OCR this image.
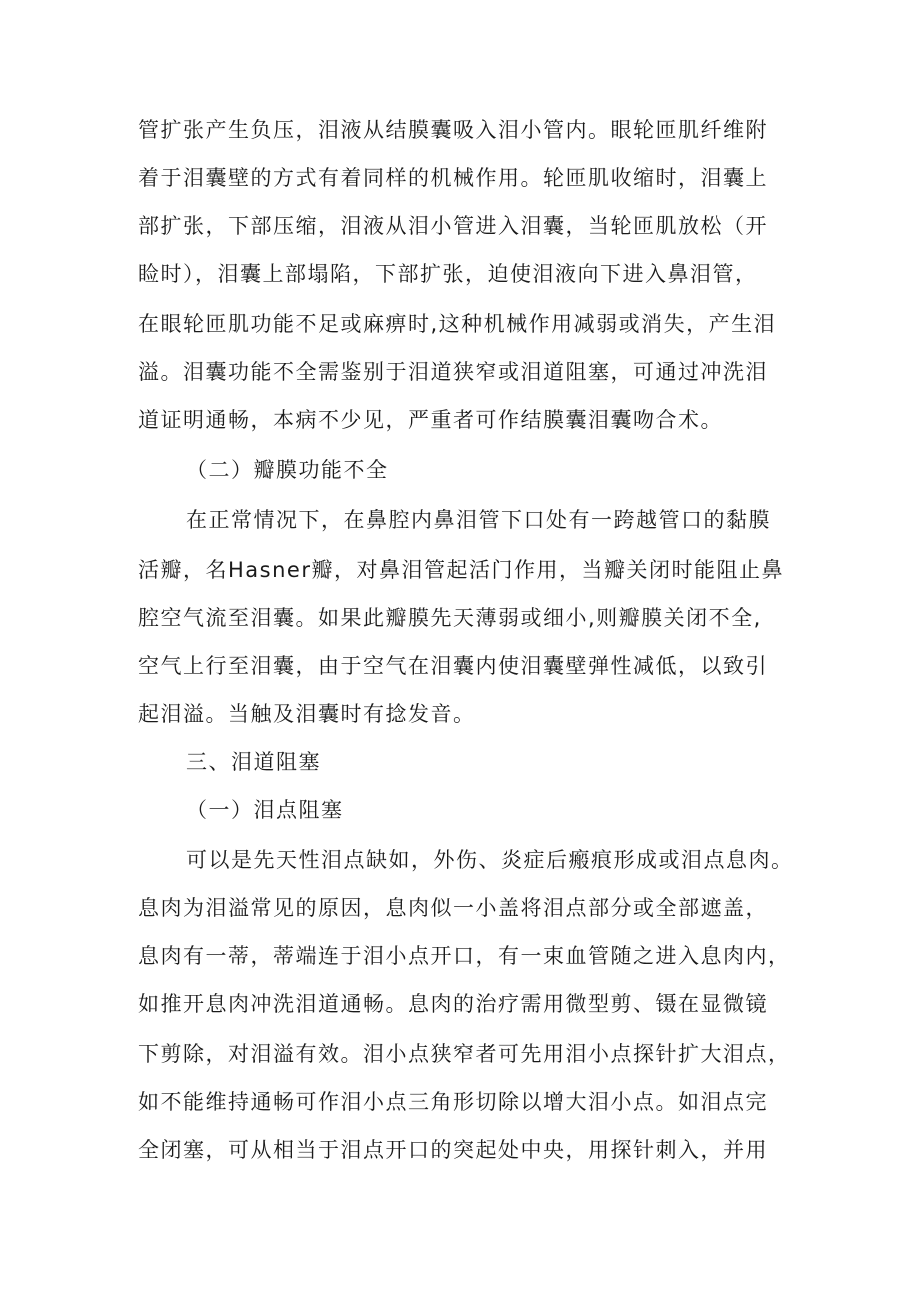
管扩张产生负压，泪液从结膜囊吸入泪小管内。眼轮匝肌纤维附
着于泪囊壁的方式有着同样的机械作用。轮匝肌收缩时，泪囊上
部扩张，下部压缩，泪液从泪小管进入泪囊，当轮匝肌放松（开
睑时），泪囊上部塌陷，下部扩张，迫使泪液向下进入鼻泪管，
在眼轮匝肌功能不足或麻痹时,这种机械作用减弱或消失，产生泪
溢。泪囊功能不全需鉴别于泪道狭窄或泪道阻塞，可通过冲洗泪
道证明通畅，本病不少见，严重者可作结膜囊泪囊吻合术。
（二）瓣膜功能不全
在正常情况下，在鼻腔内鼻泪管下口处有一跨越管口的黏膜
活瓣，名Hasner瓣，对鼻泪管起活门作用，当瓣关闭时能阻止鼻
腔空气流至泪囊。如果此瓣膜先天薄弱或细小,则瓣膜关闭不全,
空气上行至泪囊，由于空气在泪囊内使泪囊壁弹性减低，以致引
起泪溢。当触及泪囊时有捻发音。
三、泪道阻塞
（一）泪点阻塞
可以是先天性泪点缺如，外伤、炎症后瘢痕形成或泪点息肉。
息肉为泪溢常见的原因，息肉似一小盖将泪点部分或全部遮盖，
息肉有一蒂，蒂端连于泪小点开口，有一束血管随之进入息肉内，
如推开息肉冲洗泪道通畅。息肉的治疗需用微型剪、镊在显微镜
下剪除，对泪溢有效。泪小点狭窄者可先用泪小点探针扩大泪点，
如不能维持通畅可作泪小点三角形切除以增大泪小点。如泪点完
全闭塞，可从相当于泪点开口的突起处中央，用探针刺入，并用
